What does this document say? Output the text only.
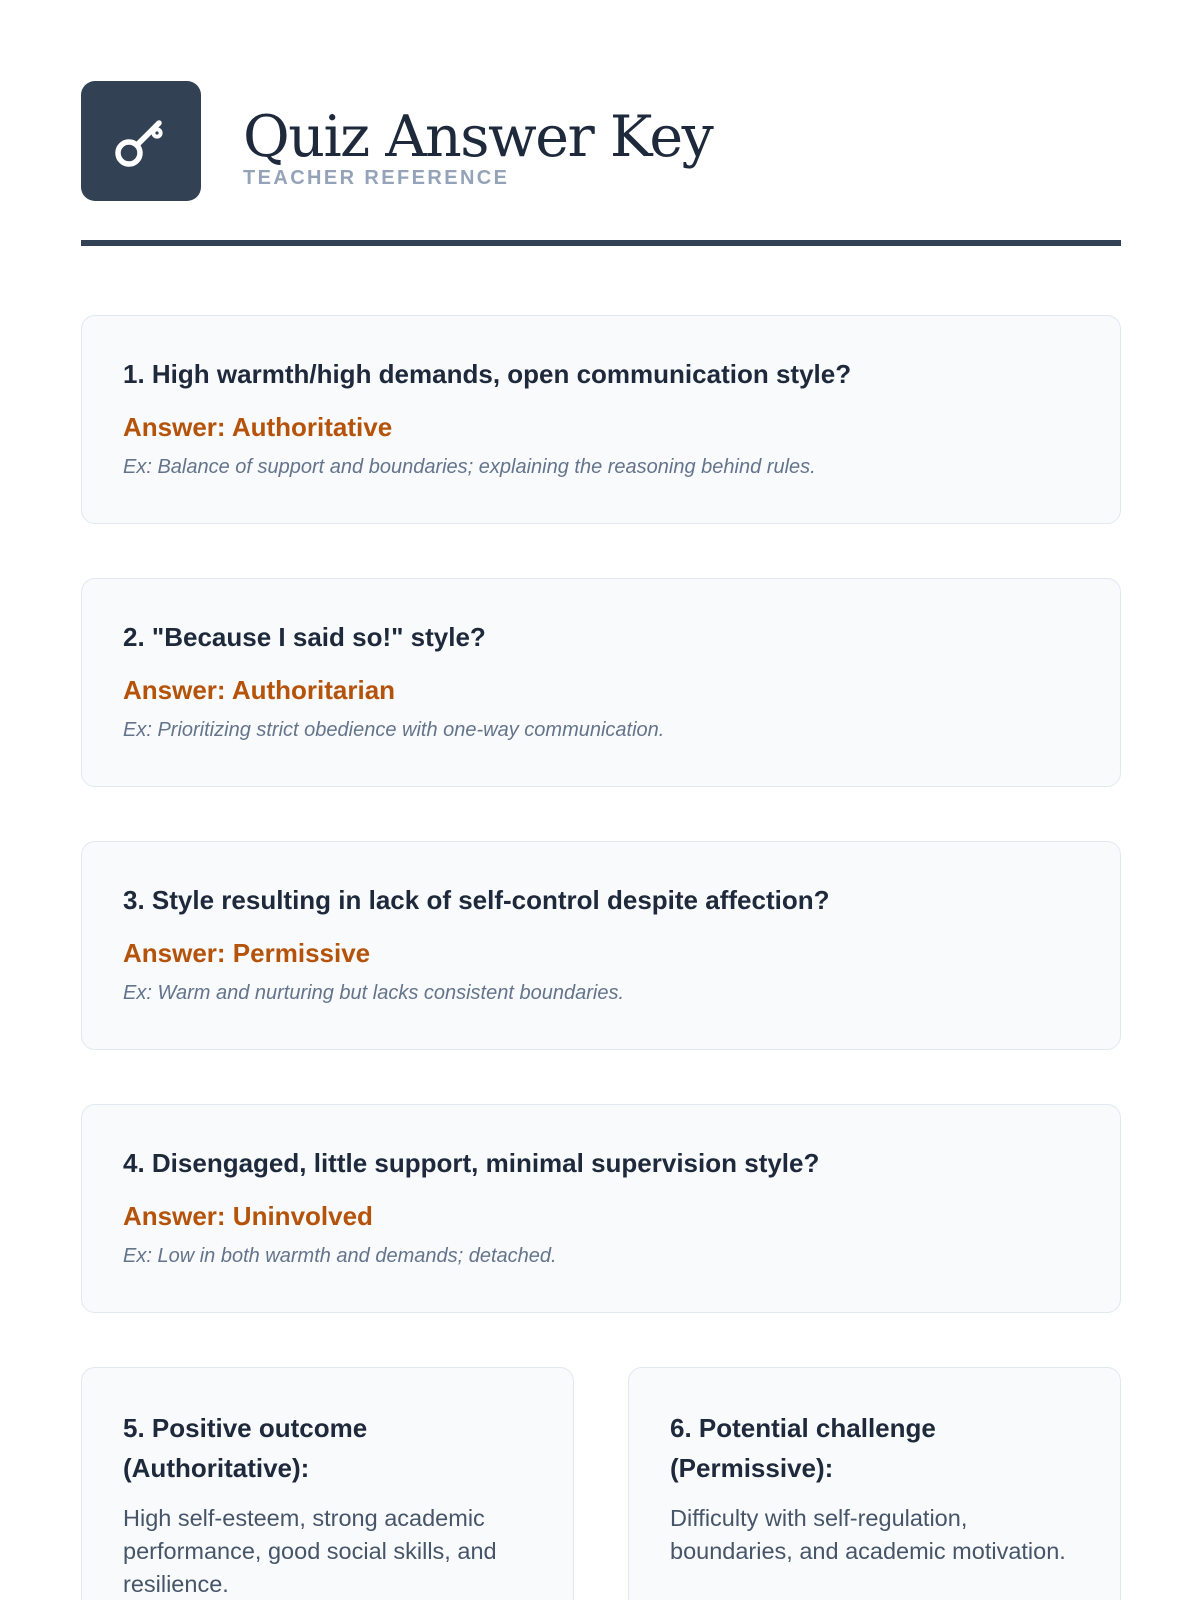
Quiz Answer Key
TEACHER REFERENCE
1. High warmth/high demands, open communication style?
Answer: Authoritative
Ex: Balance of support and boundaries; explaining the reasoning behind rules.
2. "Because I said so!" style?
Answer: Authoritarian
Ex: Prioritizing strict obedience with one-way communication.
3. Style resulting in lack of self-control despite affection?
Answer: Permissive
Ex: Warm and nurturing but lacks consistent boundaries.
4. Disengaged, little support, minimal supervision style?
Answer: Uninvolved
Ex: Low in both warmth and demands; detached.
5. Positive outcome (Authoritative):
High self-esteem, strong academic performance, good social skills, and resilience.
6. Potential challenge (Permissive):
Difficulty with self-regulation, boundaries, and academic motivation.
